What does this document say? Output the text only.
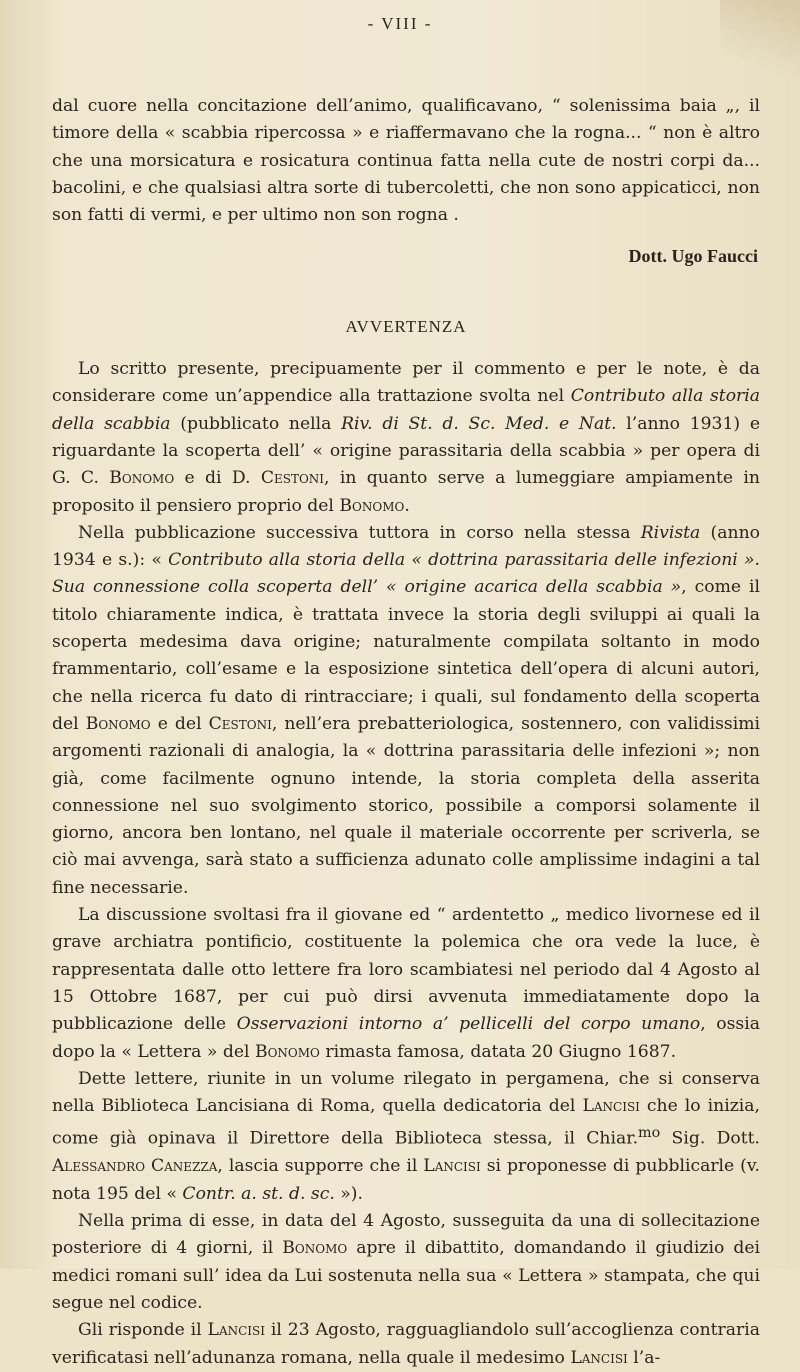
- VIII -

dal cuore nella concitazione dell’animo, qualificavano, “ solenissima baia „, il timore della « scabbia ripercossa » e riaffermavano che la rogna... “ non è altro che una morsicatura e rosicatura continua fatta nella cute de nostri corpi da... bacolini, e che qualsiasi altra sorte di tubercoletti, che non sono appicaticci, non son fatti di vermi, e per ultimo non son rogna .

Dott. Ugo Faucci
AVVERTENZA

Lo scritto presente, precipuamente per il commento e per le note, è da considerare come un’appendice alla trattazione svolta nel Contributo alla storia della scabbia (pubblicato nella Riv. di St. d. Sc. Med. e Nat. l’anno 1931) e riguardante la scoperta dell’ « origine parassitaria della scabbia » per opera di G. C. Bonomo e di D. Cestoni, in quanto serve a lumeggiare ampiamente in proposito il pensiero proprio del Bonomo.

Nella pubblicazione successiva tuttora in corso nella stessa Rivista (anno 1934 e s.): « Contributo alla storia della « dottrina parassitaria delle infezioni ». Sua connessione colla scoperta dell’ « origine acarica della scabbia », come il titolo chiaramente indica, è trattata invece la storia degli sviluppi ai quali la scoperta medesima dava origine; naturalmente compilata soltanto in modo frammentario, coll’esame e la esposizione sintetica dell’opera di alcuni autori, che nella ricerca fu dato di rintracciare; i quali, sul fondamento della scoperta del Bonomo e del Cestoni, nell’era prebatteriologica, sostennero, con validissimi argomenti razionali di analogia, la « dottrina parassitaria delle infezioni »; non già, come facilmente ognuno intende, la storia completa della asserita connessione nel suo svolgimento storico, possibile a comporsi solamente il giorno, ancora ben lontano, nel quale il materiale occorrente per scriverla, se ciò mai avvenga, sarà stato a sufficienza adunato colle amplissime indagini a tal fine necessarie.

La discussione svoltasi fra il giovane ed “ ardentetto „ medico livornese ed il grave archiatra pontificio, costituente la polemica che ora vede la luce, è rappresentata dalle otto lettere fra loro scambiatesi nel periodo dal 4 Agosto al 15 Ottobre 1687, per cui può dirsi avvenuta immediatamente dopo la pubblicazione delle Osservazioni intorno a’ pellicelli del corpo umano, ossia dopo la « Lettera » del Bonomo rimasta famosa, datata 20 Giugno 1687.

Dette lettere, riunite in un volume rilegato in pergamena, che si conserva nella Biblioteca Lancisiana di Roma, quella dedicatoria del Lancisi che lo inizia, come già opinava il Direttore della Biblioteca stessa, il Chiar.$^{mo}$ Sig. Dott. Alessandro Canezza, lascia supporre che il Lancisi si proponesse di pubblicarle (v. nota 195 del « Contr. a. st. d. sc. »).

Nella prima di esse, in data del 4 Agosto, susseguita da una di sollecitazione posteriore di 4 giorni, il Bonomo apre il dibattito, domandando il giudizio dei medici romani sull’ idea da Lui sostenuta nella sua « Lettera » stampata, che qui segue nel codice.

Gli risponde il Lancisi il 23 Agosto, ragguagliandolo sull’accoglienza contraria verificatasi nell’adunanza romana, nella quale il medesimo Lancisi l’a-
